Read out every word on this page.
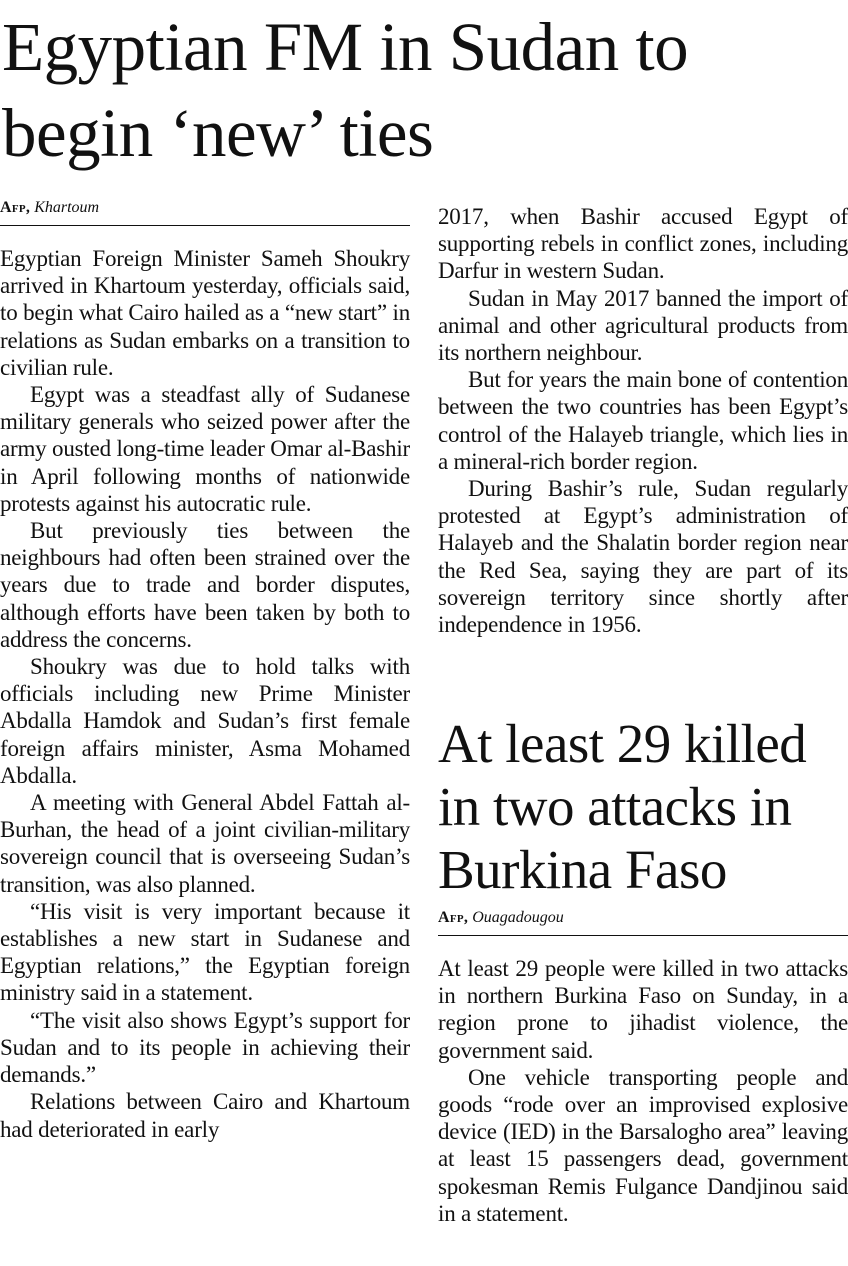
Egyptian FM in Sudan to begin ‘new’ ties
Afp, Khartoum

Egyptian Foreign Minister Sameh Shoukry arrived in Khartoum yesterday, officials said, to begin what Cairo hailed as a “new start” in relations as Sudan embarks on a transition to civilian rule.

Egypt was a steadfast ally of Sudanese military generals who seized power after the army ousted long-time leader Omar al-Bashir in April following months of nationwide protests against his autocratic rule.

But previously ties between the neighbours had often been strained over the years due to trade and border disputes, although efforts have been taken by both to address the concerns.

Shoukry was due to hold talks with officials including new Prime Minister Abdalla Hamdok and Sudan’s first female foreign affairs minister, Asma Mohamed Abdalla.

A meeting with General Abdel Fattah al-Burhan, the head of a joint civilian-military sovereign council that is overseeing Sudan’s transition, was also planned.

“His visit is very important because it establishes a new start in Sudanese and Egyptian relations,” the Egyptian foreign ministry said in a statement.

“The visit also shows Egypt’s support for Sudan and to its people in achieving their demands.”

Relations between Cairo and Khartoum had deteriorated in early

2017, when Bashir accused Egypt of supporting rebels in conflict zones, including Darfur in western Sudan.

Sudan in May 2017 banned the import of animal and other agricultural products from its northern neighbour.

But for years the main bone of contention between the two countries has been Egypt’s control of the Halayeb triangle, which lies in a mineral-rich border region.

During Bashir’s rule, Sudan regularly protested at Egypt’s administration of Halayeb and the Shalatin border region near the Red Sea, saying they are part of its sovereign territory since shortly after independence in 1956.

At least 29 killed in two attacks in Burkina Faso
Afp, Ouagadougou

At least 29 people were killed in two attacks in northern Burkina Faso on Sunday, in a region prone to jihadist violence, the government said.

One vehicle transporting people and goods “rode over an improvised explosive device (IED) in the Barsalogho area” leaving at least 15 passengers dead, government spokesman Remis Fulgance Dandjinou said in a statement.
